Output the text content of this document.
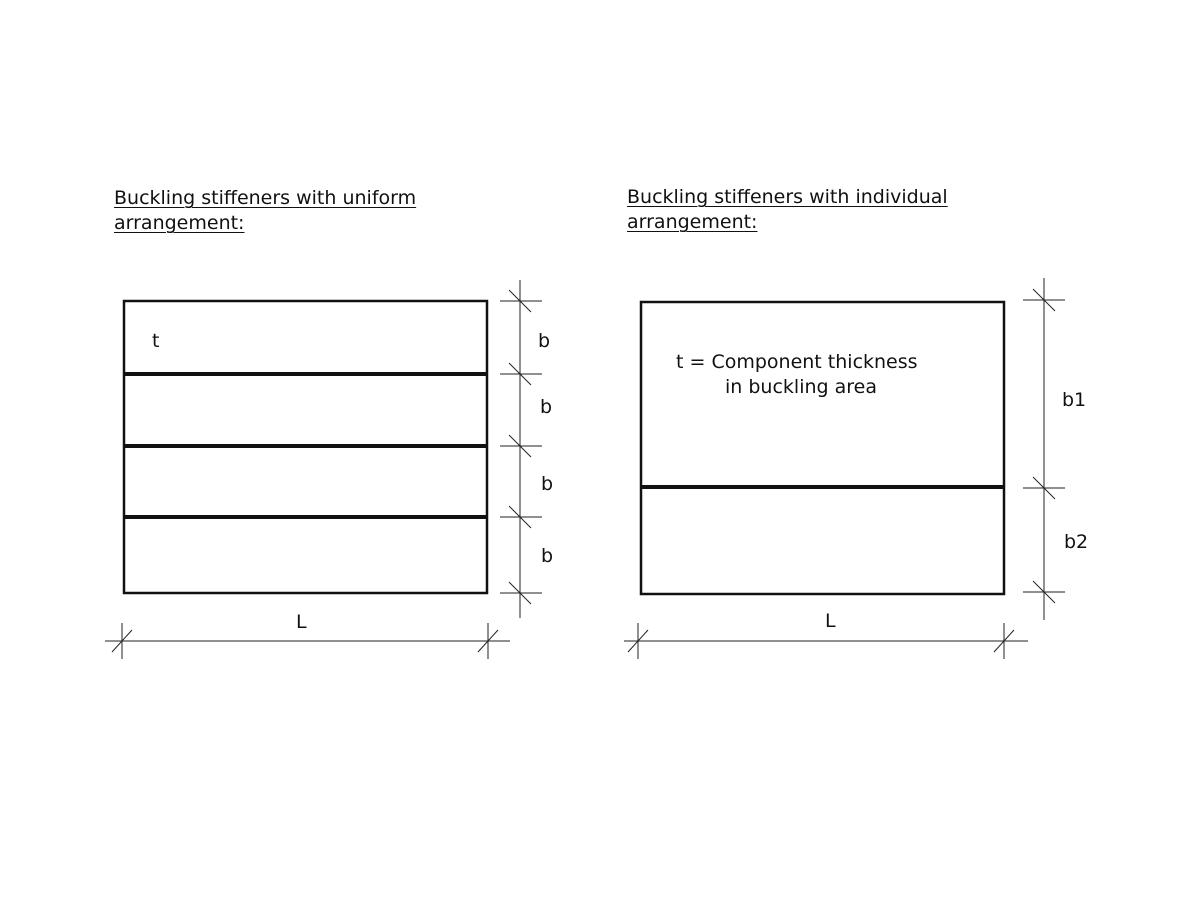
Buckling stiffeners with uniform
arrangement:
Buckling stiffeners with individual
arrangement:
t	b
b
b
b
L
t = Component thickness
in buckling area
b1
b2
L
